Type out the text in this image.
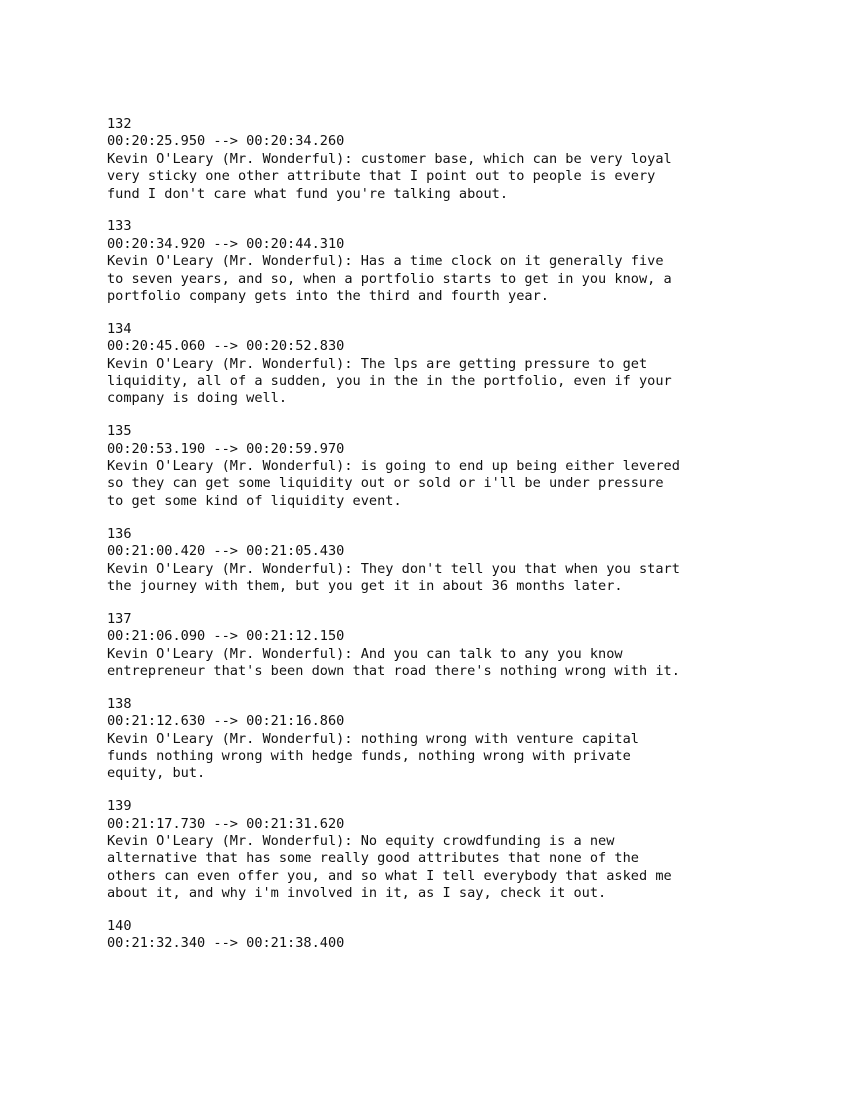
132
00:20:25.950 --> 00:20:34.260
Kevin O'Leary (Mr. Wonderful): customer base, which can be very loyal
very sticky one other attribute that I point out to people is every
fund I don't care what fund you're talking about.
133
00:20:34.920 --> 00:20:44.310
Kevin O'Leary (Mr. Wonderful): Has a time clock on it generally five
to seven years, and so, when a portfolio starts to get in you know, a
portfolio company gets into the third and fourth year.
134
00:20:45.060 --> 00:20:52.830
Kevin O'Leary (Mr. Wonderful): The lps are getting pressure to get
liquidity, all of a sudden, you in the in the portfolio, even if your
company is doing well.
135
00:20:53.190 --> 00:20:59.970
Kevin O'Leary (Mr. Wonderful): is going to end up being either levered
so they can get some liquidity out or sold or i'll be under pressure
to get some kind of liquidity event.
136
00:21:00.420 --> 00:21:05.430
Kevin O'Leary (Mr. Wonderful): They don't tell you that when you start
the journey with them, but you get it in about 36 months later.
137
00:21:06.090 --> 00:21:12.150
Kevin O'Leary (Mr. Wonderful): And you can talk to any you know
entrepreneur that's been down that road there's nothing wrong with it.
138
00:21:12.630 --> 00:21:16.860
Kevin O'Leary (Mr. Wonderful): nothing wrong with venture capital
funds nothing wrong with hedge funds, nothing wrong with private
equity, but.
139
00:21:17.730 --> 00:21:31.620
Kevin O'Leary (Mr. Wonderful): No equity crowdfunding is a new
alternative that has some really good attributes that none of the
others can even offer you, and so what I tell everybody that asked me
about it, and why i'm involved in it, as I say, check it out.
140
00:21:32.340 --> 00:21:38.400
